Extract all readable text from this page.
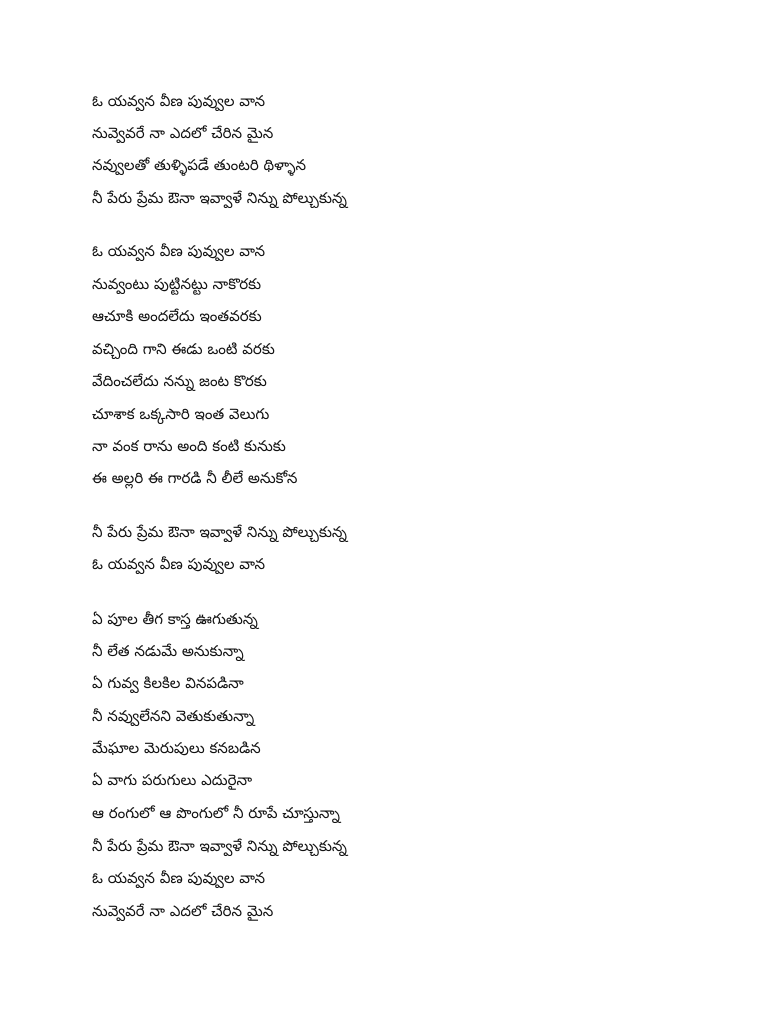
ఓ యవ్వన వీణ పువ్వుల వాన

నువ్వెవరే నా ఎదలో చేరిన మైన

నవ్వులతో తుళ్ళిపడే తుంటరి థిళ్ళాన

నీ పేరు ప్రేమ ఔనా ఇవ్వాళే నిన్ను పోల్చుకున్న

ఓ యవ్వన వీణ పువ్వుల వాన

నువ్వంటు పుట్టినట్టు నాకొరకు

ఆచూకి అందలేదు ఇంతవరకు

వచ్చింది గాని ఈడు ఒంటి వరకు

వేదించలేదు నన్ను జంట కొరకు

చూశాక ఒక్కసారి ఇంత వెలుగు

నా వంక రాను అంది కంటి కునుకు

ఈ అల్లరి ఈ గారడి నీ లీలే అనుకోన

నీ పేరు ప్రేమ ఔనా ఇవ్వాళే నిన్ను పోల్చుకున్న

ఓ యవ్వన వీణ పువ్వుల వాన

ఏ పూల తీగ కాస్త ఊగుతున్న

నీ లేత నడుమే అనుకున్నా

ఏ గువ్వ కిలకిల వినపడినా

నీ నవ్వులేనని వెతుకుతున్నా

మేఘాల మెరుపులు కనబడిన

ఏ వాగు పరుగులు ఎదురైనా

ఆ రంగులో ఆ పొంగులో నీ రూపే చూస్తున్నా

నీ పేరు ప్రేమ ఔనా ఇవ్వాళే నిన్ను పోల్చుకున్న

ఓ యవ్వన వీణ పువ్వుల వాన

నువ్వెవరే నా ఎదలో చేరిన మైన
